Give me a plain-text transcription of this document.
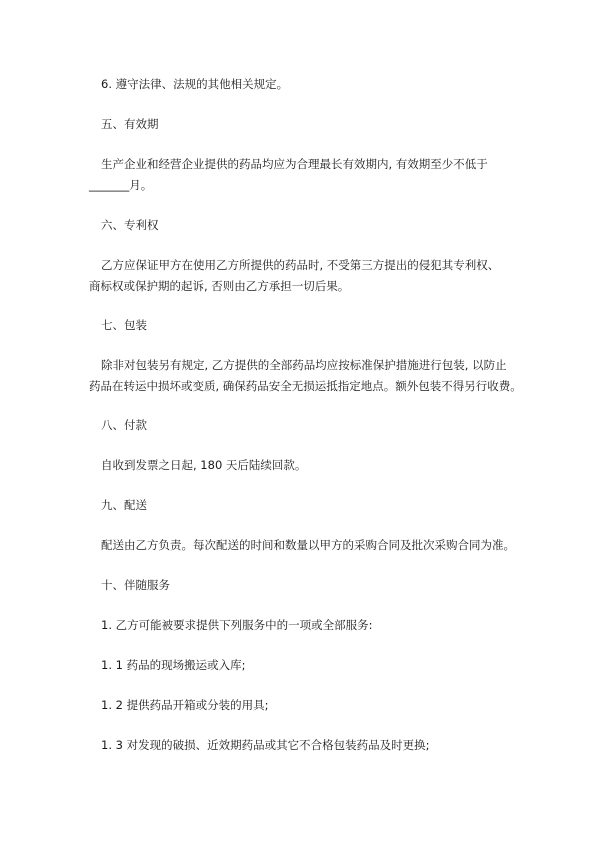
6. 遵守法律、法规的其他相关规定。
五、有效期
生产企业和经营企业提供的药品均应为合理最长有效期内, 有效期至少不低于
_______月。
六、专利权
乙方应保证甲方在使用乙方所提供的药品时, 不受第三方提出的侵犯其专利权、
商标权或保护期的起诉, 否则由乙方承担一切后果。
七、包装
除非对包装另有规定, 乙方提供的全部药品均应按标准保护措施进行包装, 以防止
药品在转运中损坏或变质, 确保药品安全无损运抵指定地点。额外包装不得另行收费。
八、付款
自收到发票之日起, 180 天后陆续回款。
九、配送
配送由乙方负责。每次配送的时间和数量以甲方的采购合同及批次采购合同为准。
十、伴随服务
1. 乙方可能被要求提供下列服务中的一项或全部服务:
1. 1 药品的现场搬运或入库;
1. 2 提供药品开箱或分装的用具;
1. 3 对发现的破损、近效期药品或其它不合格包装药品及时更换;
